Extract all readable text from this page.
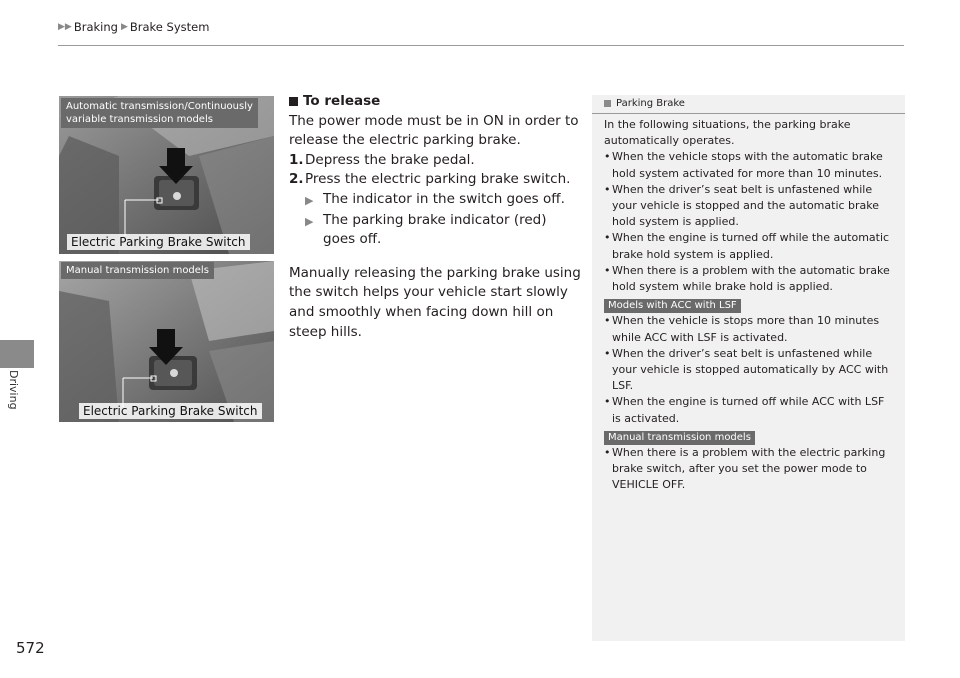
▶▶ Braking ▶ Brake System
Driving
Automatic transmission/Continuously
variable transmission models
Electric Parking Brake Switch
Manual transmission models
Electric Parking Brake Switch
To release
The power mode must be in ON in order to release the electric parking brake.
1. Depress the brake pedal.
2. Press the electric parking brake switch.
▶ The indicator in the switch goes off.
▶ The parking brake indicator (red) goes off.
Manually releasing the parking brake using the switch helps your vehicle start slowly and smoothly when facing down hill on steep hills.
Parking Brake
In the following situations, the parking brake automatically operates.
• When the vehicle stops with the automatic brake hold system activated for more than 10 minutes.
• When the driver’s seat belt is unfastened while your vehicle is stopped and the automatic brake hold system is applied.
• When the engine is turned off while the automatic brake hold system is applied.
• When there is a problem with the automatic brake hold system while brake hold is applied.
Models with ACC with LSF
• When the vehicle is stops more than 10 minutes while ACC with LSF is activated.
• When the driver’s seat belt is unfastened while your vehicle is stopped automatically by ACC with LSF.
• When the engine is turned off while ACC with LSF is activated.
Manual transmission models
• When there is a problem with the electric parking brake switch, after you set the power mode to VEHICLE OFF.
572
